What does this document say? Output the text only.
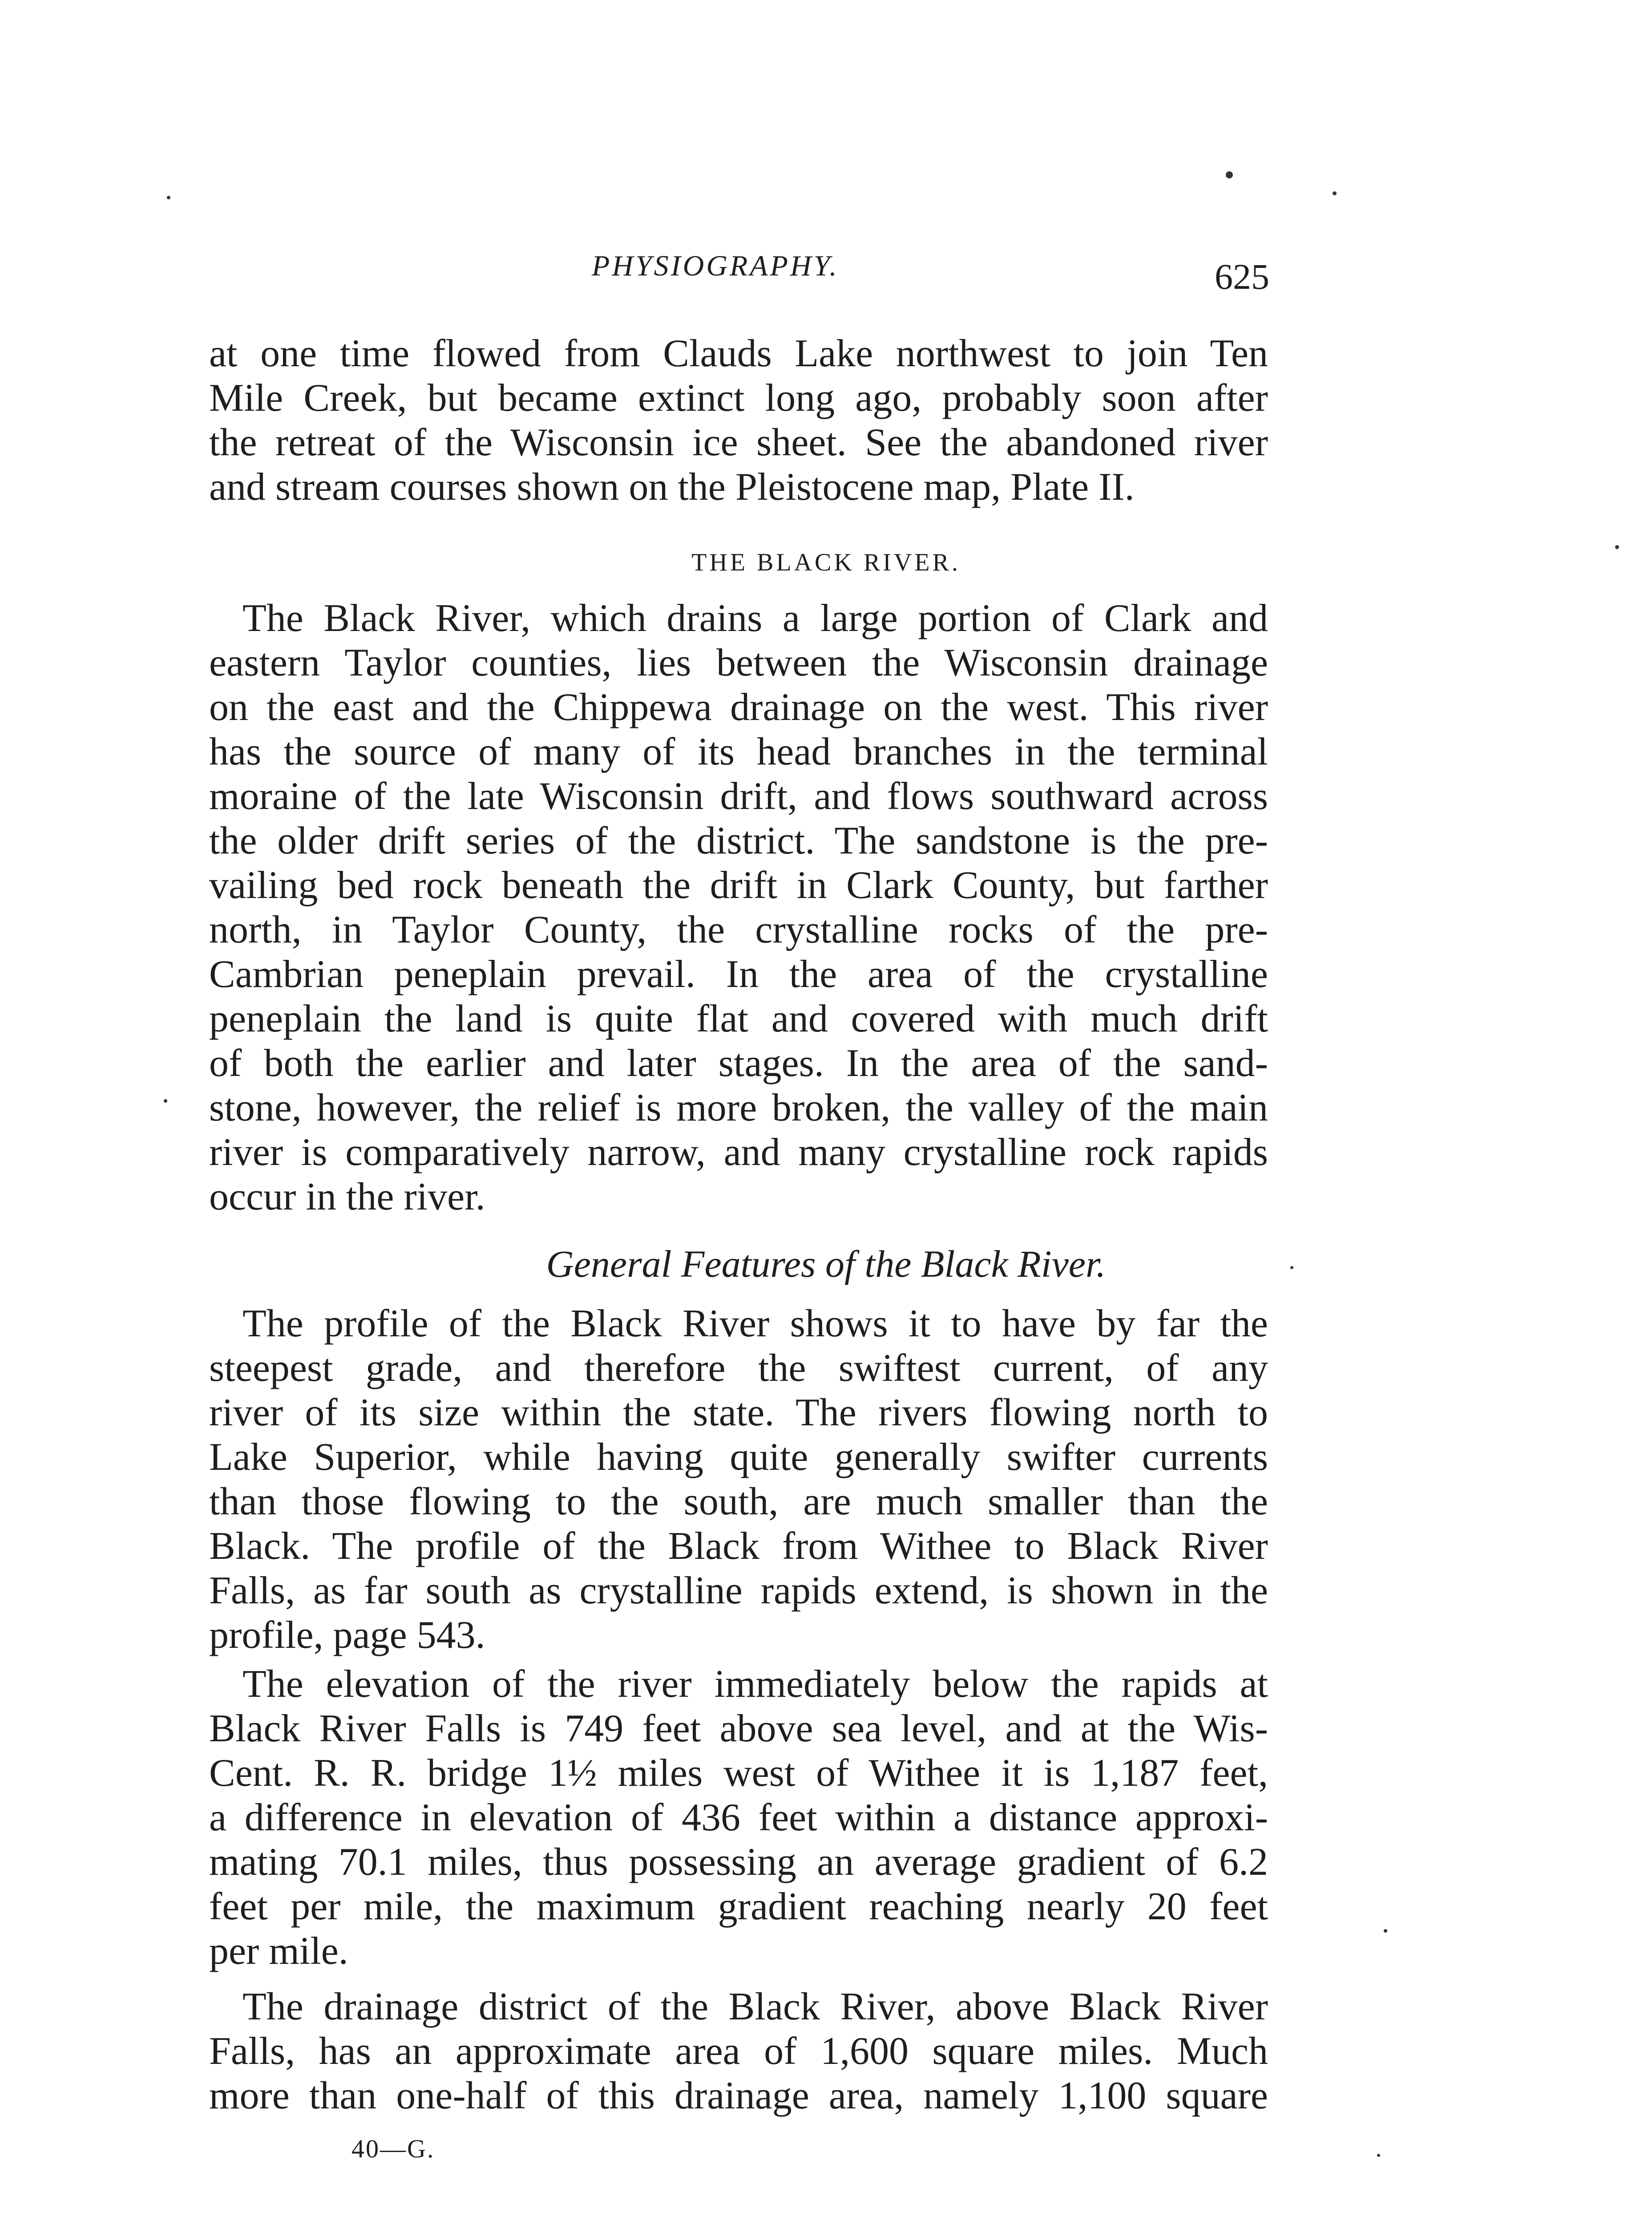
PHYSIOGRAPHY.	625
at one time flowed from Clauds Lake northwest to join Ten
Mile Creek, but became extinct long ago, probably soon after
the retreat of the Wisconsin ice sheet. See the abandoned river
and stream courses shown on the Pleistocene map, Plate II.
THE BLACK RIVER.
The Black River, which drains a large portion of Clark and
eastern Taylor counties, lies between the Wisconsin drainage
on the east and the Chippewa drainage on the west. This river
has the source of many of its head branches in the terminal
moraine of the late Wisconsin drift, and flows southward across
the older drift series of the district. The sandstone is the pre-
vailing bed rock beneath the drift in Clark County, but farther
north, in Taylor County, the crystalline rocks of the pre-
Cambrian peneplain prevail. In the area of the crystalline
peneplain the land is quite flat and covered with much drift
of both the earlier and later stages. In the area of the sand-
stone, however, the relief is more broken, the valley of the main
river is comparatively narrow, and many crystalline rock rapids
occur in the river.
General Features of the Black River.
The profile of the Black River shows it to have by far the
steepest grade, and therefore the swiftest current, of any
river of its size within the state. The rivers flowing north to
Lake Superior, while having quite generally swifter currents
than those flowing to the south, are much smaller than the
Black. The profile of the Black from Withee to Black River
Falls, as far south as crystalline rapids extend, is shown in the
profile, page 543.
The elevation of the river immediately below the rapids at
Black River Falls is 749 feet above sea level, and at the Wis-
Cent. R. R. bridge 1½ miles west of Withee it is 1,187 feet,
a difference in elevation of 436 feet within a distance approxi-
mating 70.1 miles, thus possessing an average gradient of 6.2
feet per mile, the maximum gradient reaching nearly 20 feet
per mile.
The drainage district of the Black River, above Black River
Falls, has an approximate area of 1,600 square miles. Much
more than one-half of this drainage area, namely 1,100 square
40—G.
